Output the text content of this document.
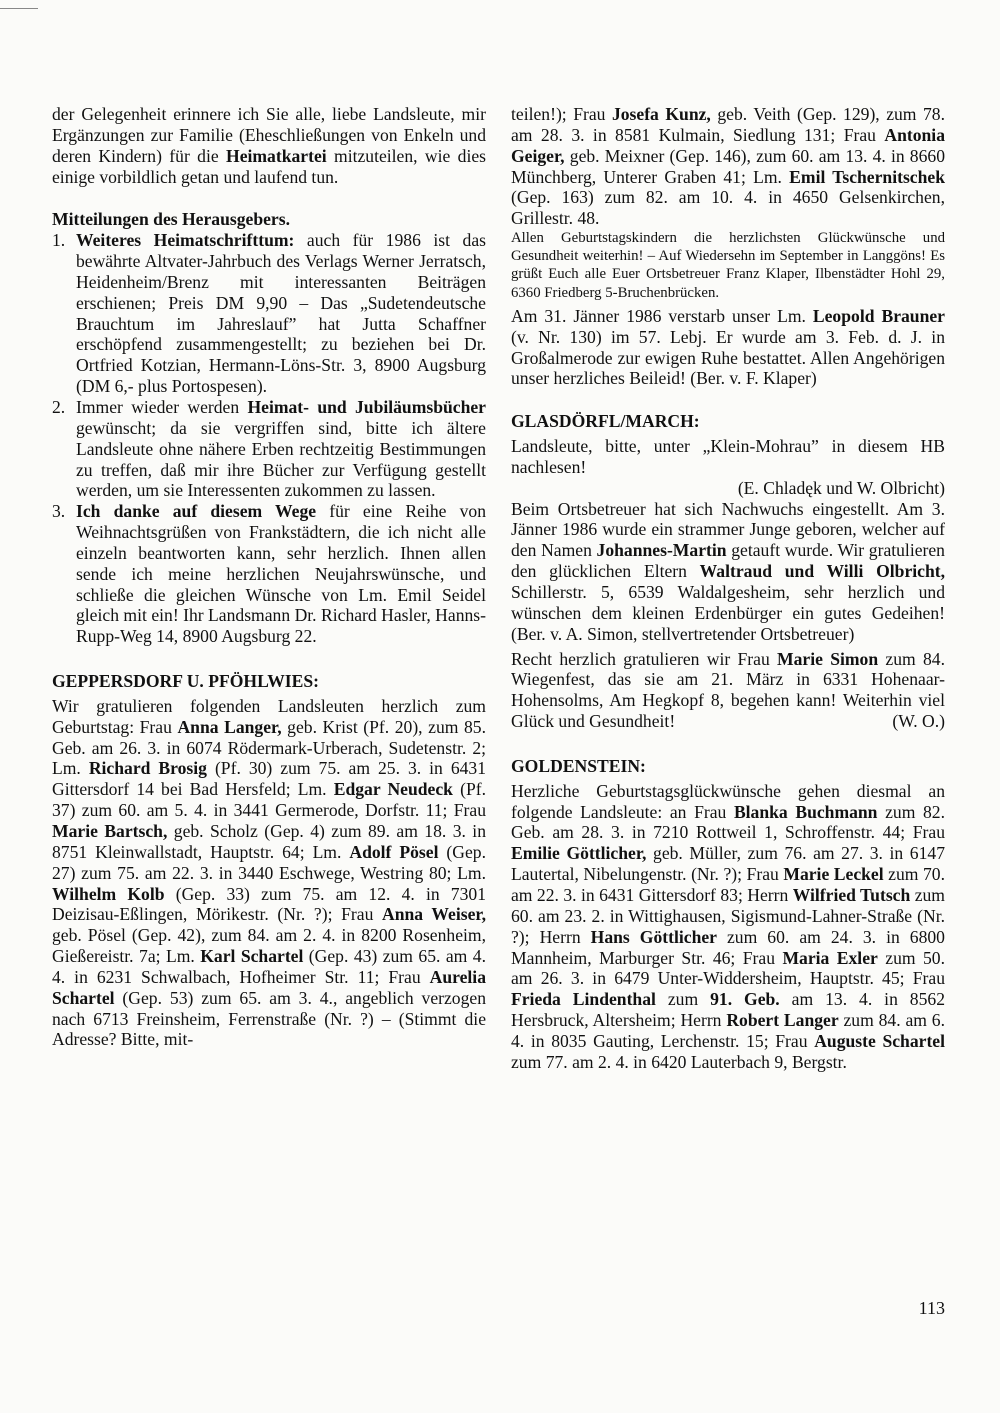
der Gelegenheit erinnere ich Sie alle, liebe Landsleute, mir Ergänzungen zur Familie (Eheschließungen von Enkeln und deren Kindern) für die Heimatkartei mitzuteilen, wie dies einige vorbildlich getan und laufend tun.

Mitteilungen des Herausgebers.

1. Weiteres Heimatschrifttum: auch für 1986 ist das bewährte Altvater-Jahrbuch des Verlags Werner Jerratsch, Heidenheim/Brenz mit interessanten Beiträgen erschienen; Preis DM 9,90 – Das „Sudetendeutsche Brauchtum im Jahreslauf” hat Jutta Schaffner erschöpfend zusammengestellt; zu beziehen bei Dr. Ortfried Kotzian, Hermann-Löns-Str. 3, 8900 Augsburg (DM 6,- plus Portospesen).
2. Immer wieder werden Heimat- und Jubiläumsbücher gewünscht; da sie vergriffen sind, bitte ich ältere Landsleute ohne nähere Erben rechtzeitig Bestimmungen zu treffen, daß mir ihre Bücher zur Verfügung gestellt werden, um sie Interessenten zukommen zu lassen.
3. Ich danke auf diesem Wege für eine Reihe von Weihnachtsgrüßen von Frankstädtern, die ich nicht alle einzeln beantworten kann, sehr herzlich. Ihnen allen sende ich meine herzlichen Neujahrswünsche, und schließe die gleichen Wünsche von Lm. Emil Seidel gleich mit ein! Ihr Landsmann Dr. Richard Hasler, Hanns-Rupp-Weg 14, 8900 Augsburg 22.

GEPPERSDORF U. PFÖHLWIES:

Wir gratulieren folgenden Landsleuten herzlich zum Geburtstag: Frau Anna Langer, geb. Krist (Pf. 20), zum 85. Geb. am 26. 3. in 6074 Rödermark-Urberach, Sudetenstr. 2; Lm. Richard Brosig (Pf. 30) zum 75. am 25. 3. in 6431 Gittersdorf 14 bei Bad Hersfeld; Lm. Edgar Neudeck (Pf. 37) zum 60. am 5. 4. in 3441 Germerode, Dorfstr. 11; Frau Marie Bartsch, geb. Scholz (Gep. 4) zum 89. am 18. 3. in 8751 Kleinwallstadt, Hauptstr. 64; Lm. Adolf Pösel (Gep. 27) zum 75. am 22. 3. in 3440 Eschwege, Westring 80; Lm. Wilhelm Kolb (Gep. 33) zum 75. am 12. 4. in 7301 Deizisau-Eßlingen, Mörikestr. (Nr. ?); Frau Anna Weiser, geb. Pösel (Gep. 42), zum 84. am 2. 4. in 8200 Rosenheim, Gießereistr. 7a; Lm. Karl Schartel (Gep. 43) zum 65. am 4. 4. in 6231 Schwalbach, Hofheimer Str. 11; Frau Aurelia Schartel (Gep. 53) zum 65. am 3. 4., angeblich verzogen nach 6713 Freinsheim, Ferrenstraße (Nr. ?) – (Stimmt die Adresse? Bitte, mit-

teilen!); Frau Josefa Kunz, geb. Veith (Gep. 129), zum 78. am 28. 3. in 8581 Kulmain, Siedlung 131; Frau Antonia Geiger, geb. Meixner (Gep. 146), zum 60. am 13. 4. in 8660 Münchberg, Unterer Graben 41; Lm. Emil Tschernitschek (Gep. 163) zum 82. am 10. 4. in 4650 Gelsenkirchen, Grillestr. 48.

Allen Geburtstagskindern die herzlichsten Glückwünsche und Gesundheit weiterhin! – Auf Wiedersehn im September in Langgöns! Es grüßt Euch alle Euer Ortsbetreuer Franz Klaper, Ilbenstädter Hohl 29, 6360 Friedberg 5-Bruchenbrücken.

Am 31. Jänner 1986 verstarb unser Lm. Leopold Brauner (v. Nr. 130) im 57. Lebj. Er wurde am 3. Feb. d. J. in Großalmerode zur ewigen Ruhe bestattet. Allen Angehörigen unser herzliches Beileid! (Ber. v. F. Klaper)

GLASDÖRFL/MARCH:

Landsleute, bitte, unter „Klein-Mohrau” in diesem HB nachlesen!

(E. Chladęk und W. Olbricht)

Beim Ortsbetreuer hat sich Nachwuchs eingestellt. Am 3. Jänner 1986 wurde ein strammer Junge geboren, welcher auf den Namen Johannes-Martin getauft wurde. Wir gratulieren den glücklichen Eltern Waltraud und Willi Olbricht, Schillerstr. 5, 6539 Waldalgesheim, sehr herzlich und wünschen dem kleinen Erdenbürger ein gutes Gedeihen! (Ber. v. A. Simon, stellvertretender Ortsbetreuer)

Recht herzlich gratulieren wir Frau Marie Simon zum 84. Wiegenfest, das sie am 21. März in 6331 Hohenaar-Hohensolms, Am Hegkopf 8, begehen kann! Weiterhin viel Glück und Gesundheit!	(W. O.)

GOLDENSTEIN:

Herzliche Geburtstagsglückwünsche gehen diesmal an folgende Landsleute: an Frau Blanka Buchmann zum 82. Geb. am 28. 3. in 7210 Rottweil 1, Schroffenstr. 44; Frau Emilie Göttlicher, geb. Müller, zum 76. am 27. 3. in 6147 Lautertal, Nibelungenstr. (Nr. ?); Frau Marie Leckel zum 70. am 22. 3. in 6431 Gittersdorf 83; Herrn Wilfried Tutsch zum 60. am 23. 2. in Wittighausen, Sigismund-Lahner-Straße (Nr. ?); Herrn Hans Göttlicher zum 60. am 24. 3. in 6800 Mannheim, Marburger Str. 46; Frau Maria Exler zum 50. am 26. 3. in 6479 Unter-Widdersheim, Hauptstr. 45; Frau Frieda Lindenthal zum 91. Geb. am 13. 4. in 8562 Hersbruck, Altersheim; Herrn Robert Langer zum 84. am 6. 4. in 8035 Gauting, Lerchenstr. 15; Frau Auguste Schartel zum 77. am 2. 4. in 6420 Lauterbach 9, Bergstr.

113
